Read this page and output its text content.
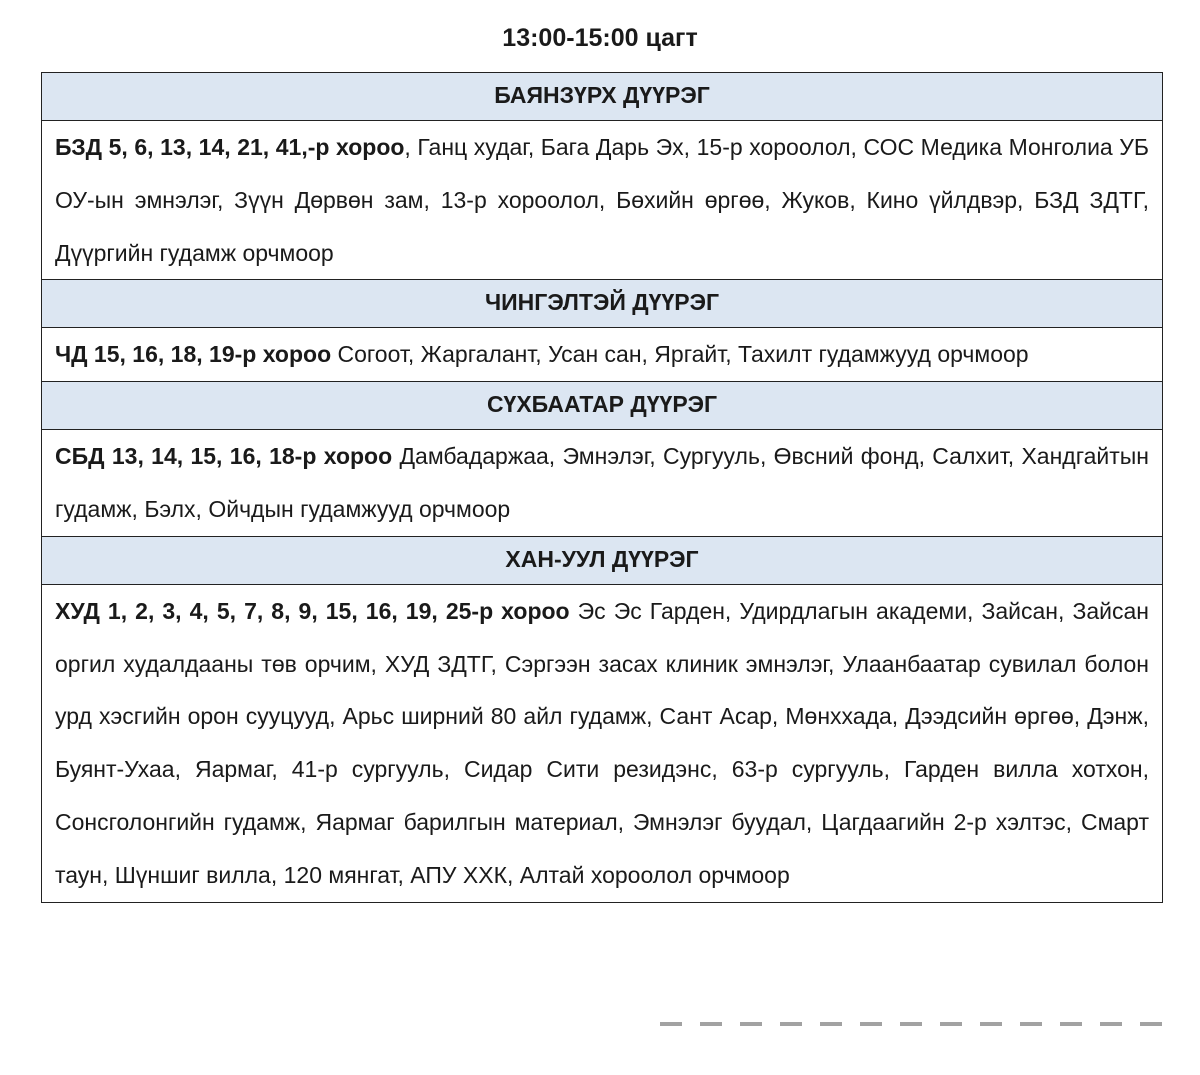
13:00-15:00 цагт
БАЯНЗҮРХ ДҮҮРЭГ
БЗД 5, 6, 13, 14, 21, 41,-р хороо, Ганц худаг, Бага Дарь Эх, 15-р хороолол, СОС Медика Монголиа УБ ОУ-ын эмнэлэг, Зүүн Дөрвөн зам, 13-р хороолол, Бөхийн өргөө, Жуков, Кино үйлдвэр, БЗД ЗДТГ, Дүүргийн гудамж орчмоор
ЧИНГЭЛТЭЙ ДҮҮРЭГ
ЧД 15, 16, 18, 19-р хороо Согоот, Жаргалант, Усан сан, Яргайт, Тахилт гудамжууд орчмоор
СҮХБААТАР ДҮҮРЭГ
СБД 13, 14, 15, 16, 18-р хороо Дамбадаржаа, Эмнэлэг, Сургууль, Өвсний фонд, Салхит, Хандгайтын гудамж, Бэлх, Ойчдын гудамжууд орчмоор
ХАН-УУЛ ДҮҮРЭГ
ХУД 1, 2, 3, 4, 5, 7, 8, 9, 15, 16, 19, 25-р хороо Эс Эс Гарден, Удирдлагын академи, Зайсан, Зайсан оргил худалдааны төв орчим, ХУД ЗДТГ, Сэргээн засах клиник эмнэлэг, Улаанбаатар сувилал болон урд хэсгийн орон сууцууд, Арьс ширний 80 айл гудамж, Сант Асар, Мөнххада, Дээдсийн өргөө, Дэнж, Буянт-Ухаа, Яармаг, 41-р сургууль, Сидар Сити резидэнс, 63-р сургууль, Гарден вилла хотхон, Сонсголонгийн гудамж, Яармаг барилгын материал, Эмнэлэг буудал, Цагдаагийн 2-р хэлтэс, Смарт таун, Шүншиг вилла, 120 мянгат, АПУ ХХК, Алтай хороолол орчмоор
